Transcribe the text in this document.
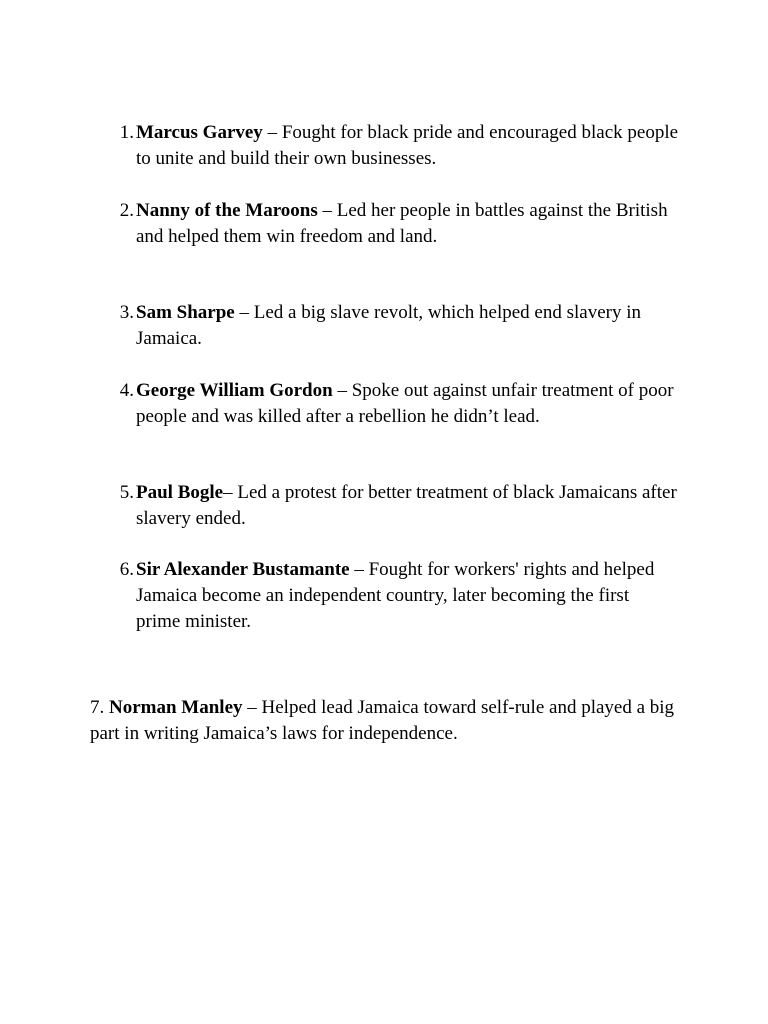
1. Marcus Garvey – Fought for black pride and encouraged black people to unite and build their own businesses.
2. Nanny of the Maroons – Led her people in battles against the British and helped them win freedom and land.
3. Sam Sharpe – Led a big slave revolt, which helped end slavery in Jamaica.
4. George William Gordon – Spoke out against unfair treatment of poor people and was killed after a rebellion he didn’t lead.
5. Paul Bogle– Led a protest for better treatment of black Jamaicans after slavery ended.
6. Sir Alexander Bustamante – Fought for workers' rights and helped Jamaica become an independent country, later becoming the first prime minister.
7. Norman Manley – Helped lead Jamaica toward self-rule and played a big part in writing Jamaica’s laws for independence.
